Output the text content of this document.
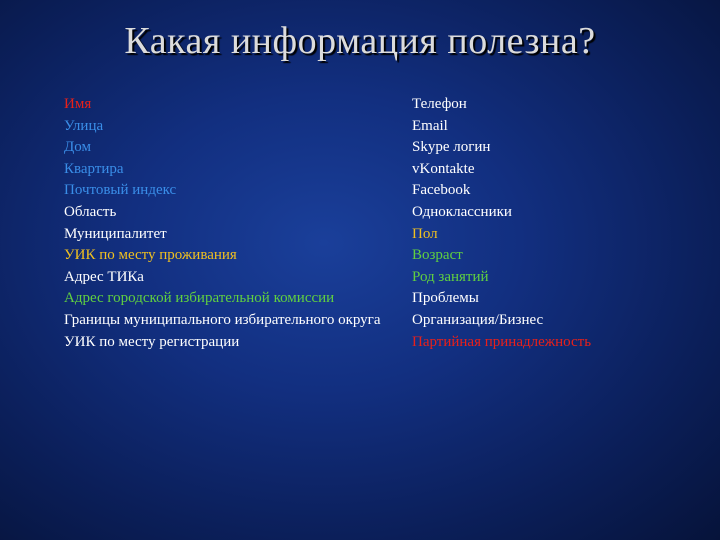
Какая информация полезна?
Имя
Улица
Дом
Квартира
Почтовый индекс
Область
Муниципалитет
УИК по месту проживания
Адрес ТИКа
Адрес городской избирательной комиссии
Границы муниципального избирательного округа
УИК по месту регистрации
Телефон
Email
Skype логин
vKontakte
Facebook
Одноклассники
Пол
Возраст
Род занятий
Проблемы
Организация/Бизнес
Партийная принадлежность
